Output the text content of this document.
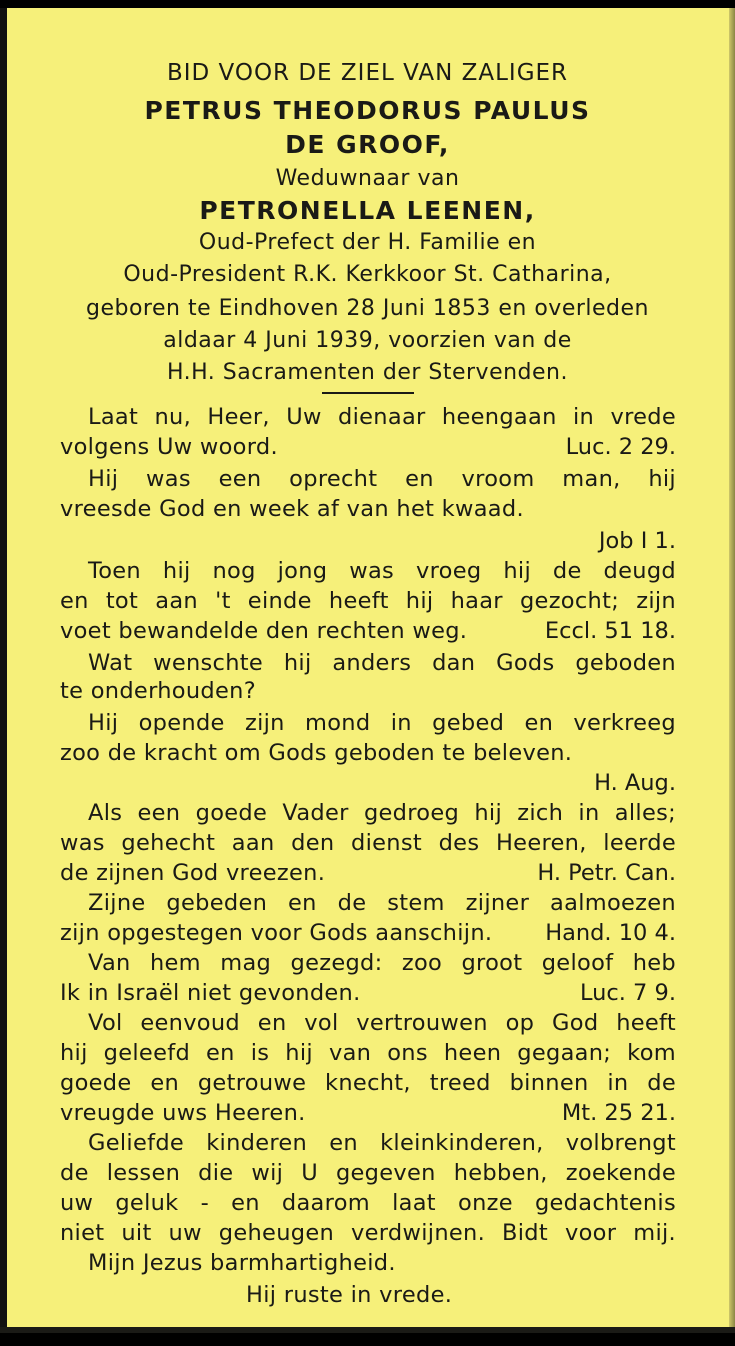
BID VOOR DE ZIEL VAN ZALIGER
PETRUS THEODORUS PAULUS
DE GROOF,
Weduwnaar van
PETRONELLA LEENEN,
Oud-Prefect der H. Familie en
Oud-President R.K. Kerkkoor St. Catharina,
geboren te Eindhoven 28 Juni 1853 en overleden
aldaar 4 Juni 1939, voorzien van de
H.H. Sacramenten der Stervenden.
Laat nu, Heer, Uw dienaar heengaan in vrede
volgens Uw woord.	Luc. 2 29.
Hij was een oprecht en vroom man, hij
vreesde God en week af van het kwaad.
Job I 1.
Toen hij nog jong was vroeg hij de deugd
en tot aan 't einde heeft hij haar gezocht; zijn
voet bewandelde den rechten weg.	Eccl. 51 18.
Wat wenschte hij anders dan Gods geboden
te onderhouden?
Hij opende zijn mond in gebed en verkreeg
zoo de kracht om Gods geboden te beleven.
H. Aug.
Als een goede Vader gedroeg hij zich in alles;
was gehecht aan den dienst des Heeren, leerde
de zijnen God vreezen.	H. Petr. Can.
Zijne gebeden en de stem zijner aalmoezen
zijn opgestegen voor Gods aanschijn.	Hand. 10 4.
Van hem mag gezegd: zoo groot geloof heb
Ik in Israël niet gevonden.	Luc. 7 9.
Vol eenvoud en vol vertrouwen op God heeft
hij geleefd en is hij van ons heen gegaan; kom
goede en getrouwe knecht, treed binnen in de
vreugde uws Heeren.	Mt. 25 21.
Geliefde kinderen en kleinkinderen, volbrengt
de lessen die wij U gegeven hebben, zoekende
uw geluk - en daarom laat onze gedachtenis
niet uit uw geheugen verdwijnen. Bidt voor mij.
Mijn Jezus barmhartigheid.
Hij ruste in vrede.
